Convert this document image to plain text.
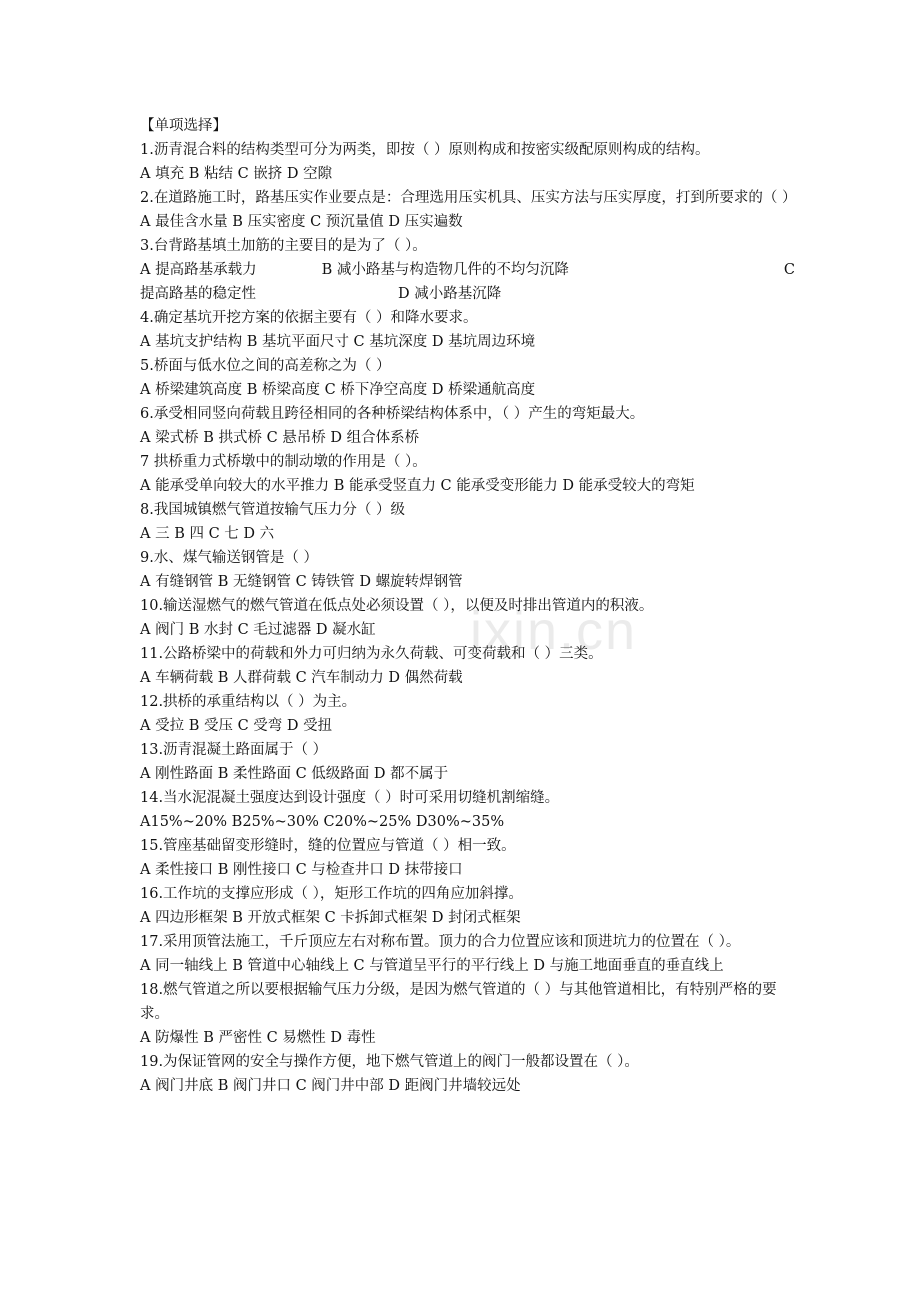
ixin.cn
【单项选择】
1.沥青混合料的结构类型可分为两类，即按（ ）原则构成和按密实级配原则构成的结构。
A 填充 B 粘结 C 嵌挤 D 空隙
2.在道路施工时，路基压实作业要点是：合理选用压实机具、压实方法与压实厚度，打到所要求的（ ）
A 最佳含水量 B 压实密度 C 预沉量值 D 压实遍数
3.台背路基填土加筋的主要目的是为了（ ）。
A 提高路基承载力	B 减小路基与构造物几件的不均匀沉降	C
提高路基的稳定性	D 减小路基沉降
4.确定基坑开挖方案的依据主要有（ ）和降水要求。
A 基坑支护结构 B 基坑平面尺寸 C 基坑深度 D 基坑周边环境
5.桥面与低水位之间的高差称之为（ ）
A 桥梁建筑高度 B 桥梁高度 C 桥下净空高度 D 桥梁通航高度
6.承受相同竖向荷载且跨径相同的各种桥梁结构体系中，（ ）产生的弯矩最大。
A 梁式桥 B 拱式桥 C 悬吊桥 D 组合体系桥
7 拱桥重力式桥墩中的制动墩的作用是（ ）。
A 能承受单向较大的水平推力 B 能承受竖直力 C 能承受变形能力 D 能承受较大的弯矩
8.我国城镇燃气管道按输气压力分（ ）级
A 三 B 四 C 七 D 六
9.水、煤气输送钢管是（ ）
A 有缝钢管 B 无缝钢管 C 铸铁管 D 螺旋转焊钢管
10.输送湿燃气的燃气管道在低点处必须设置（ ），以便及时排出管道内的积液。
A 阀门 B 水封 C 毛过滤器 D 凝水缸
11.公路桥梁中的荷载和外力可归纳为永久荷载、可变荷载和（ ）三类。
A 车辆荷载 B 人群荷载 C 汽车制动力 D 偶然荷载
12.拱桥的承重结构以（ ）为主。
A 受拉 B 受压 C 受弯 D 受扭
13.沥青混凝土路面属于（ ）
A 刚性路面 B 柔性路面 C 低级路面 D 都不属于
14.当水泥混凝土强度达到设计强度（ ）时可采用切缝机割缩缝。
A15%~20% B25%~30% C20%~25% D30%~35%
15.管座基础留变形缝时，缝的位置应与管道（ ）相一致。
A 柔性接口 B 刚性接口 C 与检查井口 D 抹带接口
16.工作坑的支撑应形成（ ），矩形工作坑的四角应加斜撑。
A 四边形框架 B 开放式框架 C 卡拆卸式框架 D 封闭式框架
17.采用顶管法施工，千斤顶应左右对称布置。顶力的合力位置应该和顶进坑力的位置在（ ）。
A 同一轴线上 B 管道中心轴线上 C 与管道呈平行的平行线上 D 与施工地面垂直的垂直线上
18.燃气管道之所以要根据输气压力分级，是因为燃气管道的（ ）与其他管道相比，有特别严格的要求。
A 防爆性 B 严密性 C 易燃性 D 毒性
19.为保证管网的安全与操作方便，地下燃气管道上的阀门一般都设置在（ ）。
A 阀门井底 B 阀门井口 C 阀门井中部 D 距阀门井墙较远处
